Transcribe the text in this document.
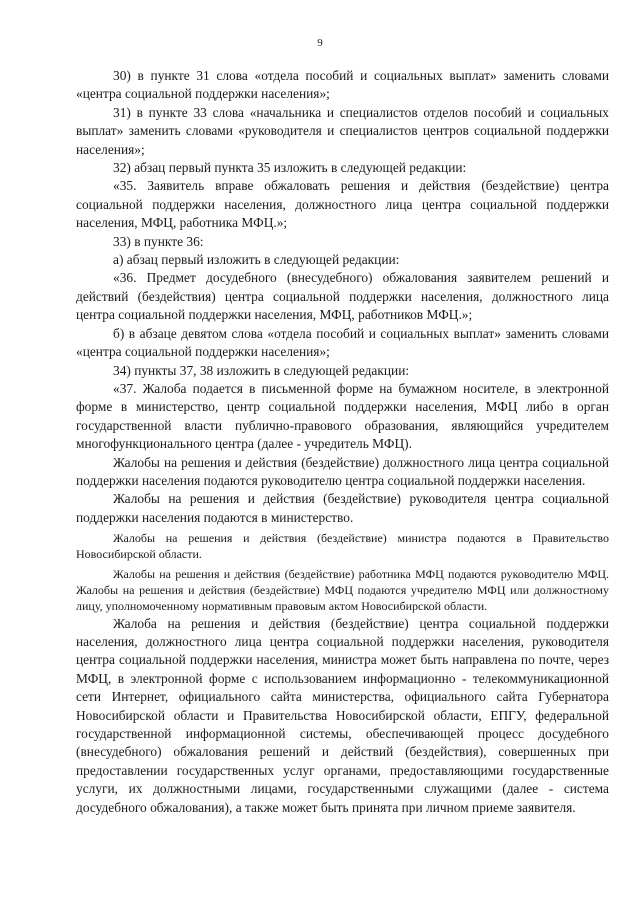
9

30) в пункте 31 слова «отдела пособий и социальных выплат» заменить словами «центра социальной поддержки населения»;

31) в пункте 33 слова «начальника и специалистов отделов пособий и социальных выплат» заменить словами «руководителя и специалистов центров социальной поддержки населения»;

32) абзац первый пункта 35 изложить в следующей редакции:

«35. Заявитель вправе обжаловать решения и действия (бездействие) центра социальной поддержки населения, должностного лица центра социальной поддержки населения, МФЦ, работника МФЦ.»;

33) в пункте 36:

а) абзац первый изложить в следующей редакции:

«36. Предмет досудебного (внесудебного) обжалования заявителем решений и действий (бездействия) центра социальной поддержки населения, должностного лица центра социальной поддержки населения, МФЦ, работников МФЦ.»;

б) в абзаце девятом слова «отдела пособий и социальных выплат» заменить словами «центра социальной поддержки населения»;

34) пункты 37, 38 изложить в следующей редакции:

«37. Жалоба подается в письменной форме на бумажном носителе, в электронной форме в министерство, центр социальной поддержки населения, МФЦ либо в орган государственной власти публично-правового образования, являющийся учредителем многофункционального центра (далее - учредитель МФЦ).

Жалобы на решения и действия (бездействие) должностного лица центра социальной поддержки населения подаются руководителю центра социальной поддержки населения.

Жалобы на решения и действия (бездействие) руководителя центра социальной поддержки населения подаются в министерство.

Жалобы на решения и действия (бездействие) министра подаются в Правительство Новосибирской области.

Жалобы на решения и действия (бездействие) работника МФЦ подаются руководителю МФЦ. Жалобы на решения и действия (бездействие) МФЦ подаются учредителю МФЦ или должностному лицу, уполномоченному нормативным правовым актом Новосибирской области.

Жалоба на решения и действия (бездействие) центра социальной поддержки населения, должностного лица центра социальной поддержки населения, руководителя центра социальной поддержки населения, министра может быть направлена по почте, через МФЦ, в электронной форме с использованием информационно - телекоммуникационной сети Интернет, официального сайта министерства, официального сайта Губернатора Новосибирской области и Правительства Новосибирской области, ЕПГУ, федеральной государственной информационной системы, обеспечивающей процесс досудебного (внесудебного) обжалования решений и действий (бездействия), совершенных при предоставлении государственных услуг органами, предоставляющими государственные услуги, их должностными лицами, государственными служащими (далее - система досудебного обжалования), а также может быть принята при личном приеме заявителя.
